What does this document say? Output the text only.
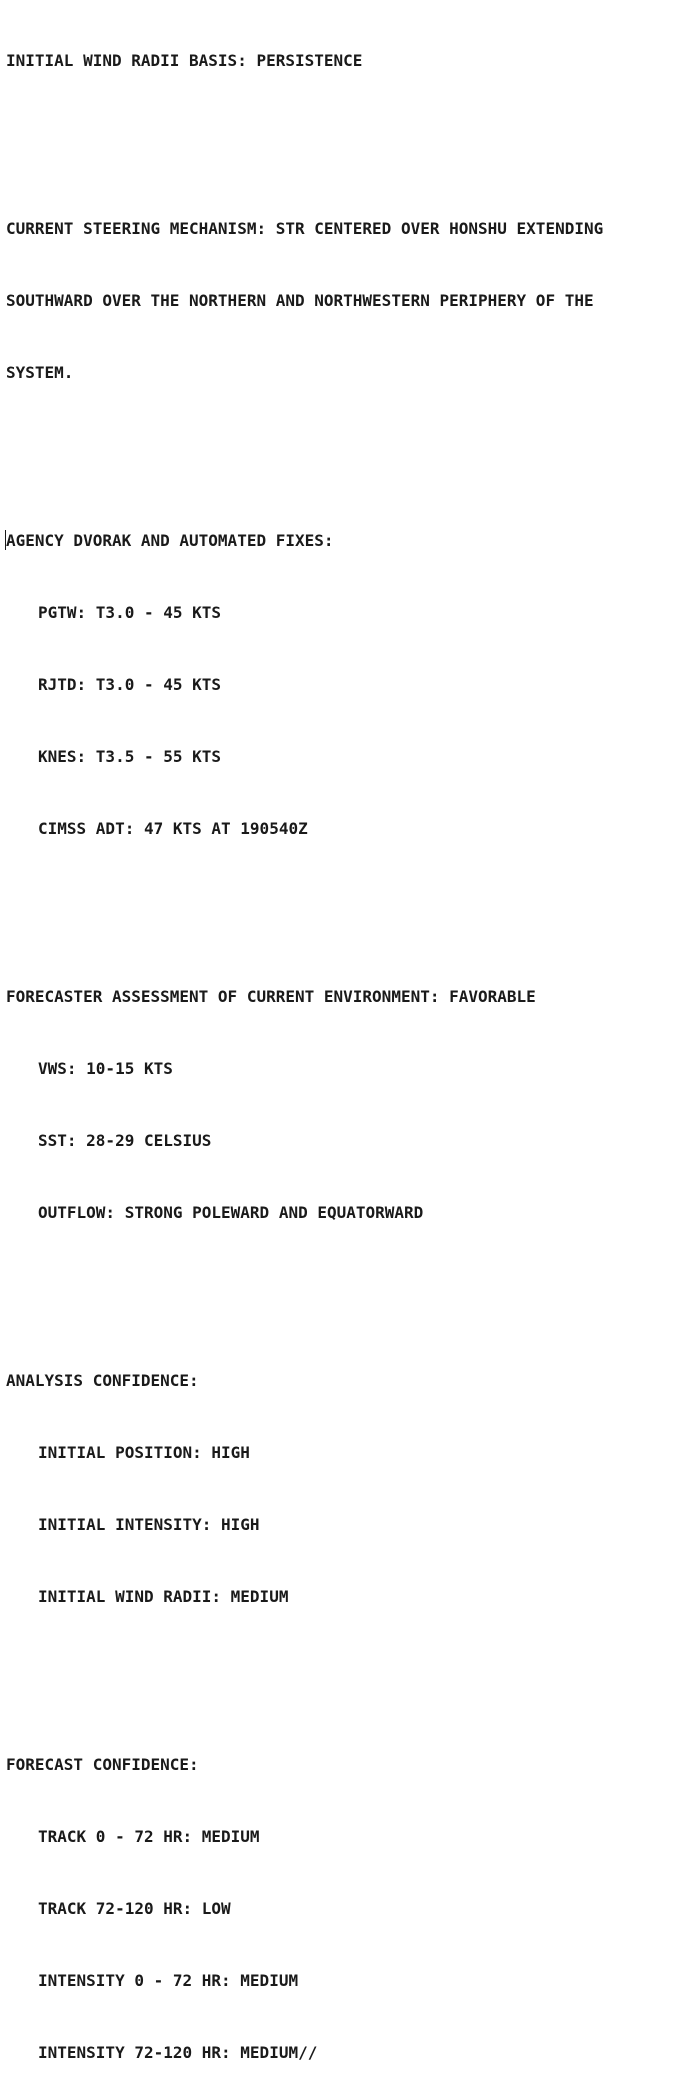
INITIAL WIND RADII BASIS: PERSISTENCE

CURRENT STEERING MECHANISM: STR CENTERED OVER HONSHU EXTENDING

SOUTHWARD OVER THE NORTHERN AND NORTHWESTERN PERIPHERY OF THE

SYSTEM.

AGENCY DVORAK AND AUTOMATED FIXES:

PGTW: T3.0 - 45 KTS

RJTD: T3.0 - 45 KTS

KNES: T3.5 - 55 KTS

CIMSS ADT: 47 KTS AT 190540Z

FORECASTER ASSESSMENT OF CURRENT ENVIRONMENT: FAVORABLE

VWS: 10-15 KTS

SST: 28-29 CELSIUS

OUTFLOW: STRONG POLEWARD AND EQUATORWARD

ANALYSIS CONFIDENCE:

INITIAL POSITION: HIGH

INITIAL INTENSITY: HIGH

INITIAL WIND RADII: MEDIUM

FORECAST CONFIDENCE:

TRACK 0 - 72 HR: MEDIUM

TRACK 72-120 HR: LOW

INTENSITY 0 - 72 HR: MEDIUM

INTENSITY 72-120 HR: MEDIUM//
